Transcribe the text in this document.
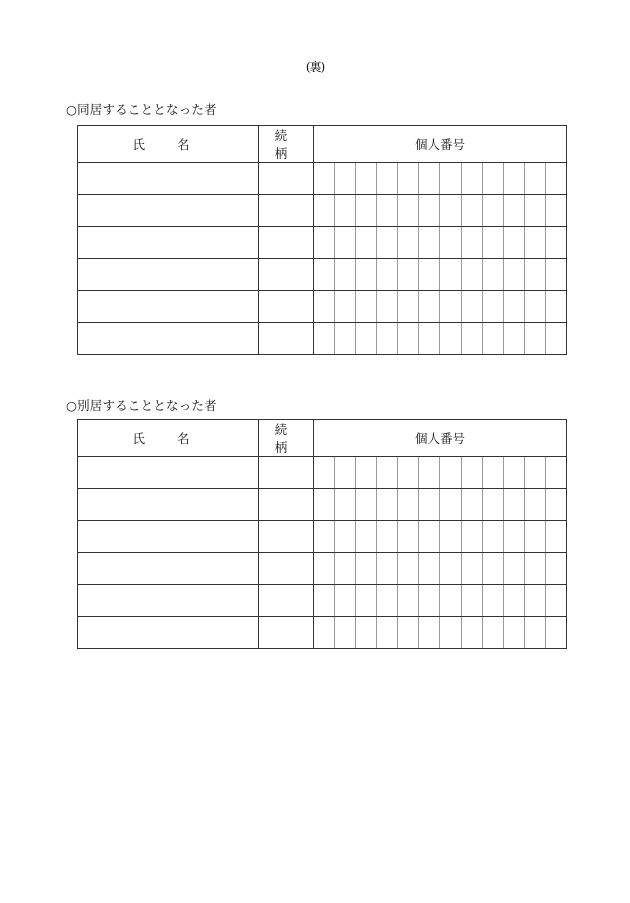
(裏)
○同居することとなった者
氏 名	続 柄	個人番号											

○別居することとなった者
氏 名	続 柄	個人番号											
